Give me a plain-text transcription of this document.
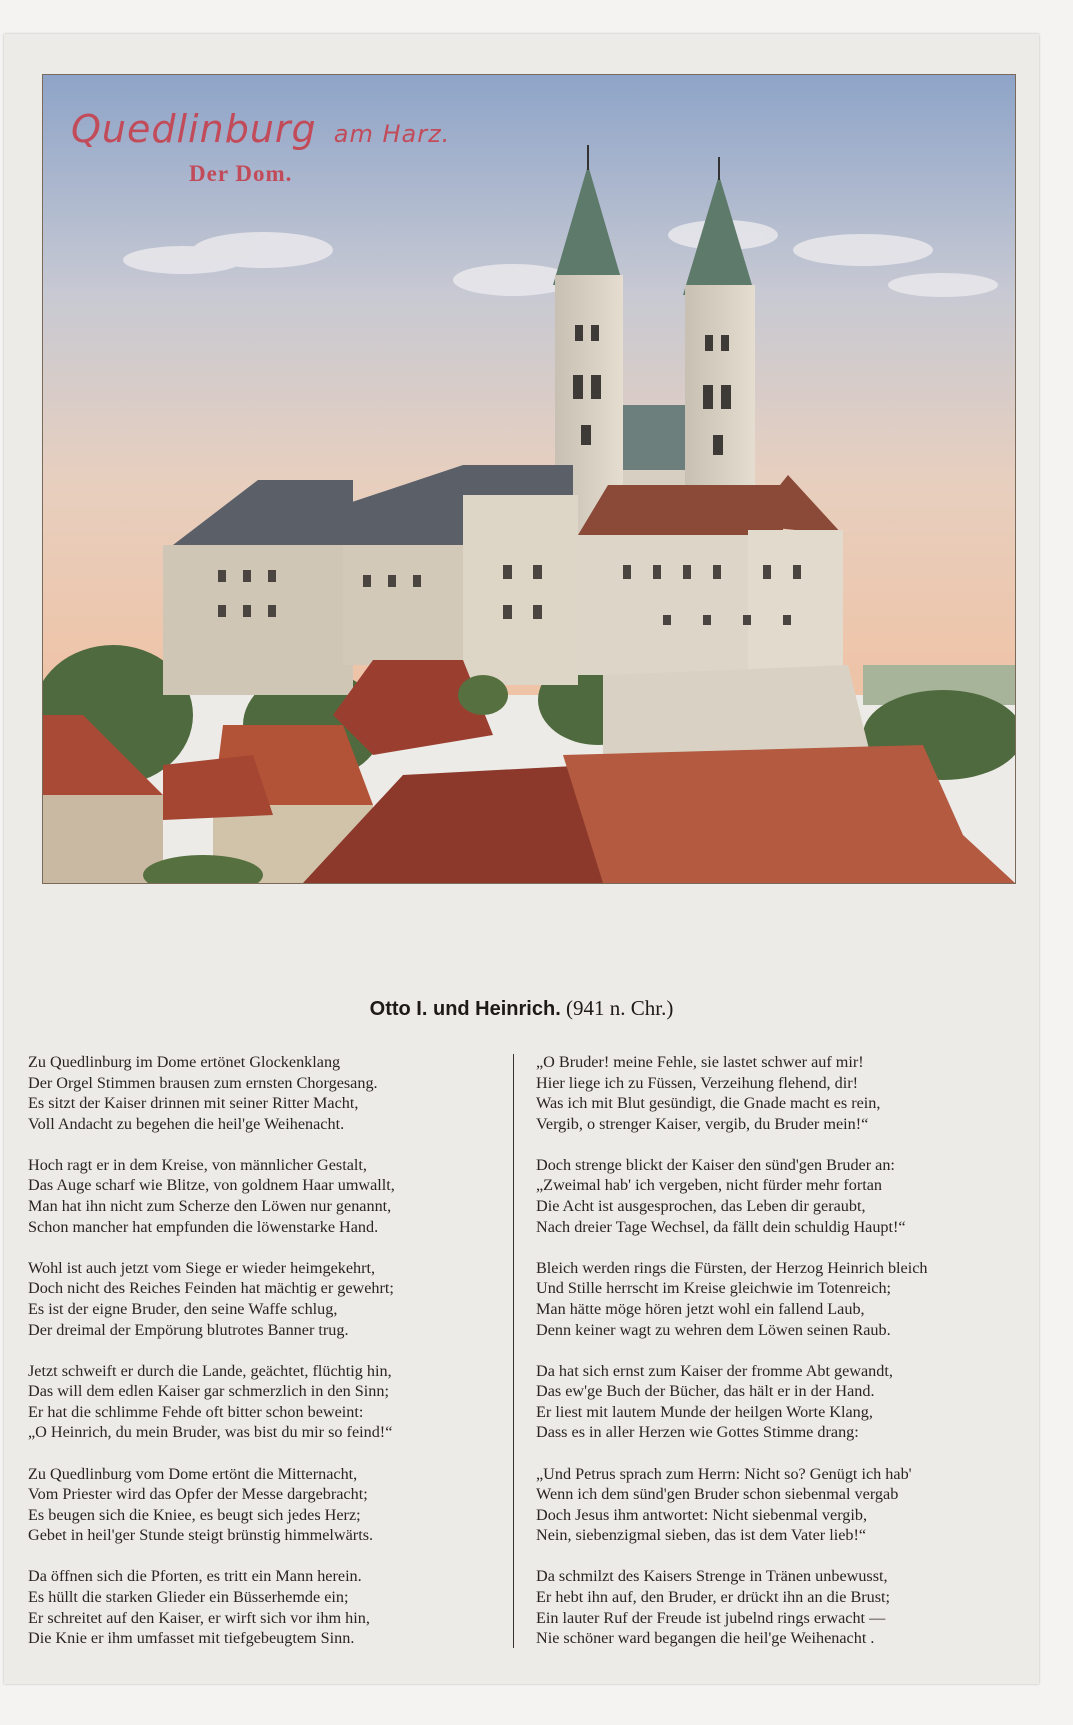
Quedlinburg am Harz.
Der Dom.
Otto I. und Heinrich. (941 n. Chr.)
Zu Quedlinburg im Dome ertönet Glockenklang
Der Orgel Stimmen brausen zum ernsten Chorgesang.
Es sitzt der Kaiser drinnen mit seiner Ritter Macht,
Voll Andacht zu begehen die heil'ge Weihenacht.
Hoch ragt er in dem Kreise, von männlicher Gestalt,
Das Auge scharf wie Blitze, von goldnem Haar umwallt,
Man hat ihn nicht zum Scherze den Löwen nur genannt,
Schon mancher hat empfunden die löwenstarke Hand.
Wohl ist auch jetzt vom Siege er wieder heimgekehrt,
Doch nicht des Reiches Feinden hat mächtig er gewehrt;
Es ist der eigne Bruder, den seine Waffe schlug,
Der dreimal der Empörung blutrotes Banner trug.
Jetzt schweift er durch die Lande, geächtet, flüchtig hin,
Das will dem edlen Kaiser gar schmerzlich in den Sinn;
Er hat die schlimme Fehde oft bitter schon beweint:
„O Heinrich, du mein Bruder, was bist du mir so feind!“
Zu Quedlinburg vom Dome ertönt die Mitternacht,
Vom Priester wird das Opfer der Messe dargebracht;
Es beugen sich die Kniee, es beugt sich jedes Herz;
Gebet in heil'ger Stunde steigt brünstig himmelwärts.
Da öffnen sich die Pforten, es tritt ein Mann herein.
Es hüllt die starken Glieder ein Büsserhemde ein;
Er schreitet auf den Kaiser, er wirft sich vor ihm hin,
Die Knie er ihm umfasset mit tiefgebeugtem Sinn.
„O Bruder! meine Fehle, sie lastet schwer auf mir!
Hier liege ich zu Füssen, Verzeihung flehend, dir!
Was ich mit Blut gesündigt, die Gnade macht es rein,
Vergib, o strenger Kaiser, vergib, du Bruder mein!“
Doch strenge blickt der Kaiser den sünd'gen Bruder an:
„Zweimal hab' ich vergeben, nicht fürder mehr fortan
Die Acht ist ausgesprochen, das Leben dir geraubt,
Nach dreier Tage Wechsel, da fällt dein schuldig Haupt!“
Bleich werden rings die Fürsten, der Herzog Heinrich bleich
Und Stille herrscht im Kreise gleichwie im Totenreich;
Man hätte möge hören jetzt wohl ein fallend Laub,
Denn keiner wagt zu wehren dem Löwen seinen Raub.
Da hat sich ernst zum Kaiser der fromme Abt gewandt,
Das ew'ge Buch der Bücher, das hält er in der Hand.
Er liest mit lautem Munde der heilgen Worte Klang,
Dass es in aller Herzen wie Gottes Stimme drang:
„Und Petrus sprach zum Herrn: Nicht so? Genügt ich hab'
Wenn ich dem sünd'gen Bruder schon siebenmal vergab
Doch Jesus ihm antwortet: Nicht siebenmal vergib,
Nein, siebenzigmal sieben, das ist dem Vater lieb!“
Da schmilzt des Kaisers Strenge in Tränen unbewusst,
Er hebt ihn auf, den Bruder, er drückt ihn an die Brust;
Ein lauter Ruf der Freude ist jubelnd rings erwacht —
Nie schöner ward begangen die heil'ge Weihenacht .
